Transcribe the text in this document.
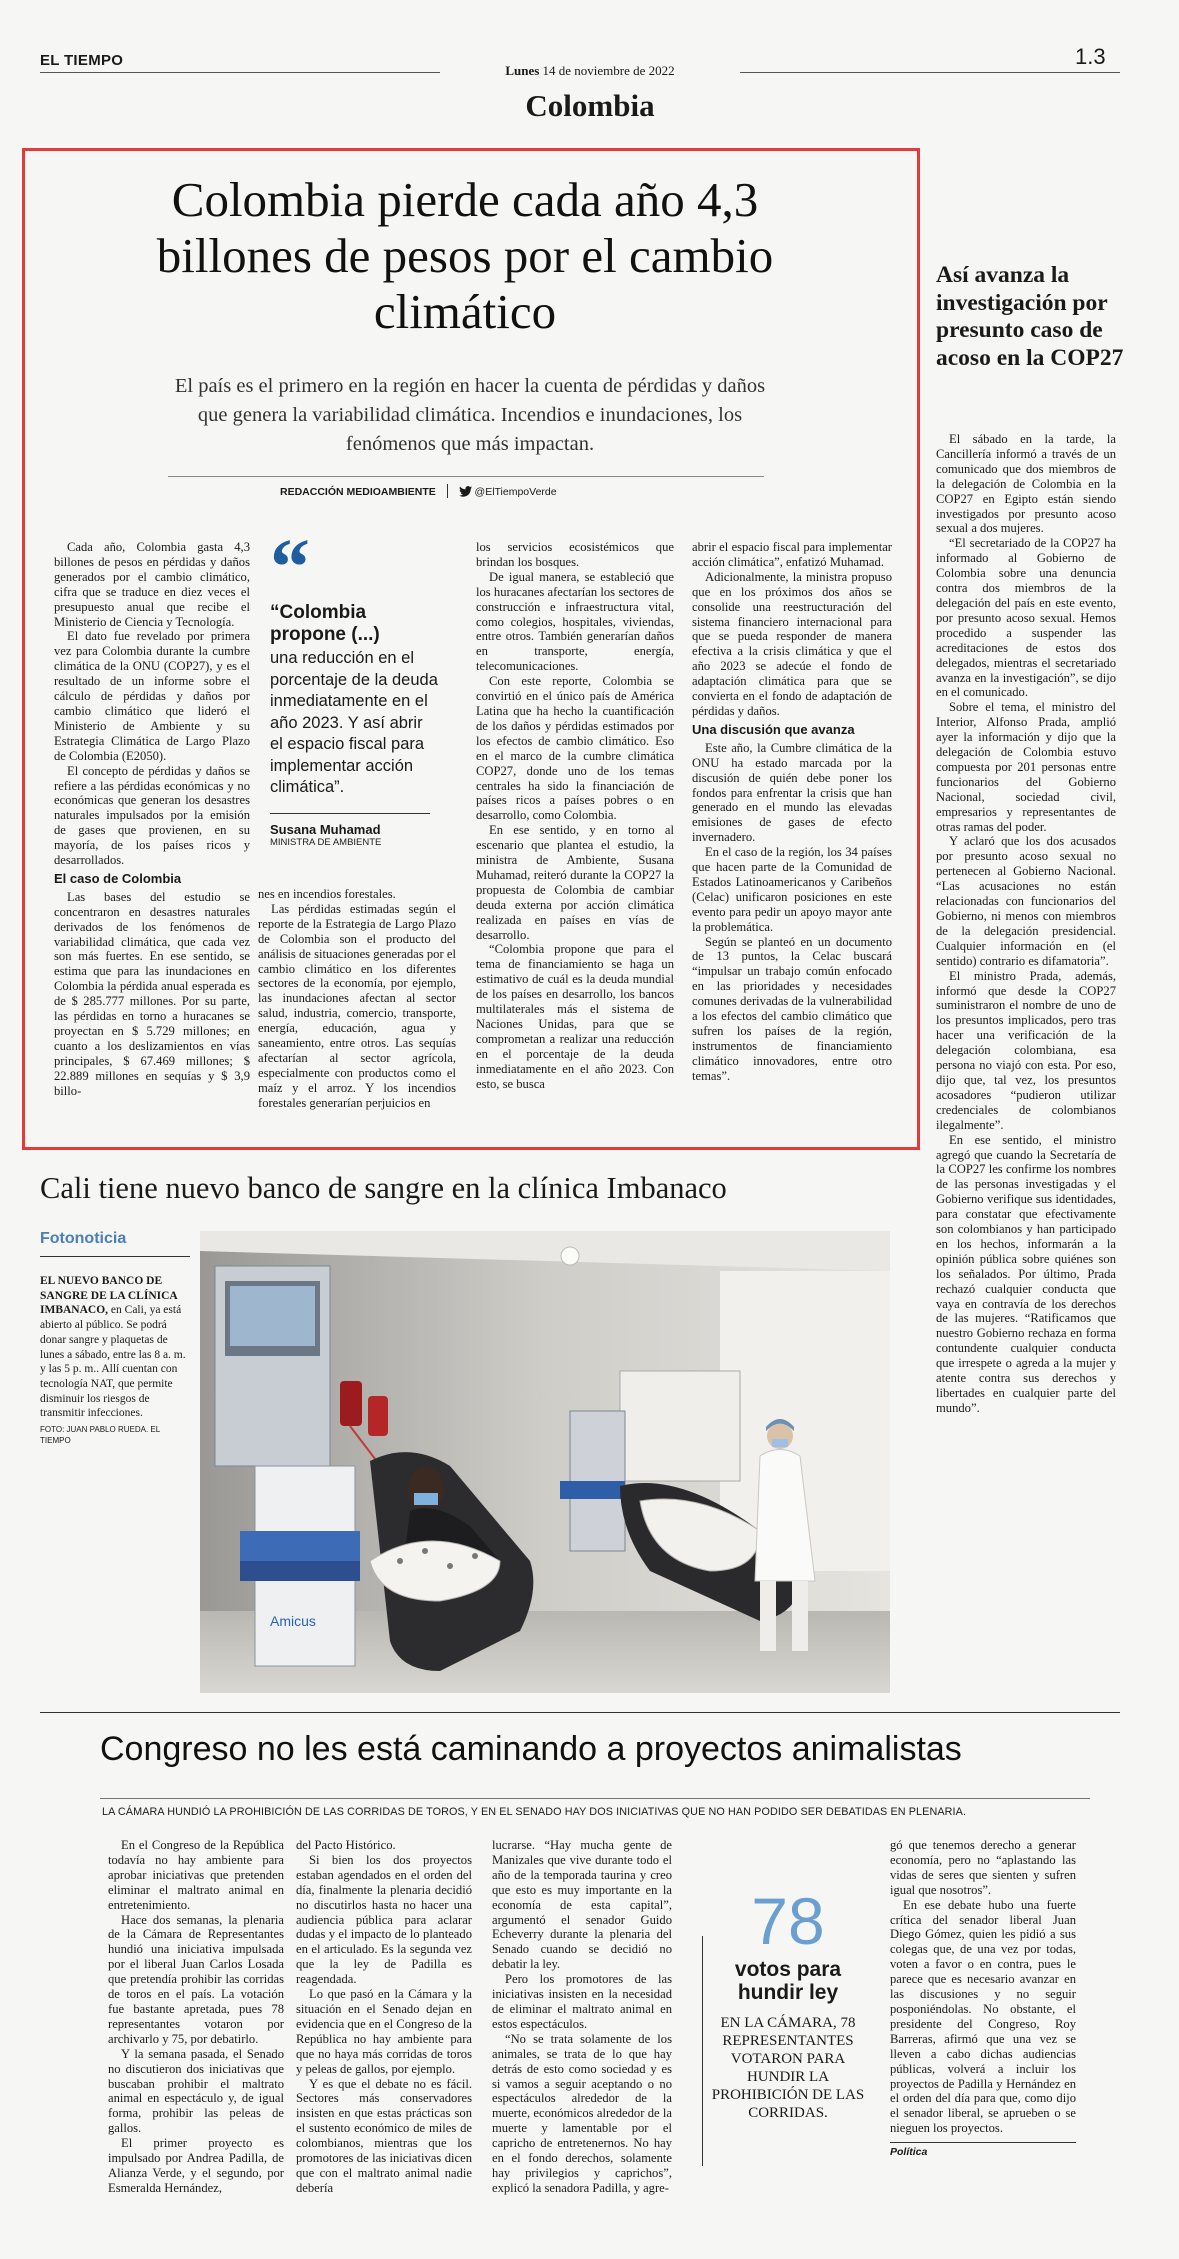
EL TIEMPO
Lunes 14 de noviembre de 2022
1.3
Colombia
Colombia pierde cada año 4,3 billones de pesos por el cambio climático
El país es el primero en la región en hacer la cuenta de pérdidas y daños que genera la variabilidad climática. Incendios e inundaciones, los fenómenos que más impactan.
REDACCIÓN MEDIOAMBIENTE	@ElTiempoVerde

Cada año, Colombia gasta 4,3 billones de pesos en pérdidas y daños generados por el cambio climático, cifra que se traduce en diez veces el presupuesto anual que recibe el Ministerio de Ciencia y Tecnología.

El dato fue revelado por primera vez para Colombia durante la cumbre climática de la ONU (COP27), y es el resultado de un informe sobre el cálculo de pérdidas y daños por cambio climático que lideró el Ministerio de Ambiente y su Estrategia Climática de Largo Plazo de Colombia (E2050).

El concepto de pérdidas y daños se refiere a las pérdidas económicas y no económicas que generan los desastres naturales impulsados por la emisión de gases que provienen, en su mayoría, de los países ricos y desarrollados.

El caso de Colombia

Las bases del estudio se concentraron en desastres naturales derivados de los fenómenos de variabilidad climática, que cada vez son más fuertes. En ese sentido, se estima que para las inundaciones en Colombia la pérdida anual esperada es de $ 285.777 millones. Por su parte, las pérdidas en torno a huracanes se proyectan en $ 5.729 millones; en cuanto a los deslizamientos en vías principales, $ 67.469 millones; $ 22.889 millones en sequías y $ 3,9 billo-

“
“Colombia propone (...)
una reducción en el porcentaje de la deuda inmediatamente en el año 2023. Y así abrir el espacio fiscal para implementar acción climática”.
Susana Muhamad
MINISTRA DE AMBIENTE

nes en incendios forestales.

Las pérdidas estimadas según el reporte de la Estrategia de Largo Plazo de Colombia son el producto del análisis de situaciones generadas por el cambio climático en los diferentes sectores de la economía, por ejemplo, las inundaciones afectan al sector salud, industria, comercio, transporte, energía, educación, agua y saneamiento, entre otros. Las sequías afectarían al sector agrícola, especialmente con productos como el maíz y el arroz. Y los incendios forestales generarían perjuicios en

los servicios ecosistémicos que brindan los bosques.

De igual manera, se estableció que los huracanes afectarían los sectores de construcción e infraestructura vital, como colegios, hospitales, viviendas, entre otros. También generarían daños en transporte, energía, telecomunicaciones.

Con este reporte, Colombia se convirtió en el único país de América Latina que ha hecho la cuantificación de los daños y pérdidas estimados por los efectos de cambio climático. Eso en el marco de la cumbre climática COP27, donde uno de los temas centrales ha sido la financiación de países ricos a países pobres o en desarrollo, como Colombia.

En ese sentido, y en torno al escenario que plantea el estudio, la ministra de Ambiente, Susana Muhamad, reiteró durante la COP27 la propuesta de Colombia de cambiar deuda externa por acción climática realizada en países en vías de desarrollo.

“Colombia propone que para el tema de financiamiento se haga un estimativo de cuál es la deuda mundial de los países en desarrollo, los bancos multilaterales más el sistema de Naciones Unidas, para que se comprometan a realizar una reducción en el porcentaje de la deuda inmediatamente en el año 2023. Con esto, se busca

abrir el espacio fiscal para implementar acción climática”, enfatizó Muhamad.

Adicionalmente, la ministra propuso que en los próximos dos años se consolide una reestructuración del sistema financiero internacional para que se pueda responder de manera efectiva a la crisis climática y que el año 2023 se adecúe el fondo de adaptación climática para que se convierta en el fondo de adaptación de pérdidas y daños.

Una discusión que avanza

Este año, la Cumbre climática de la ONU ha estado marcada por la discusión de quién debe poner los fondos para enfrentar la crisis que han generado en el mundo las elevadas emisiones de gases de efecto invernadero.

En el caso de la región, los 34 países que hacen parte de la Comunidad de Estados Latinoamericanos y Caribeños (Celac) unificaron posiciones en este evento para pedir un apoyo mayor ante la problemática.

Según se planteó en un documento de 13 puntos, la Celac buscará “impulsar un trabajo común enfocado en las prioridades y necesidades comunes derivadas de la vulnerabilidad a los efectos del cambio climático que sufren los países de la región, instrumentos de financiamiento climático innovadores, entre otro temas”.

Así avanza la investigación por presunto caso de acoso en la COP27

El sábado en la tarde, la Cancillería informó a través de un comunicado que dos miembros de la delegación de Colombia en la COP27 en Egipto están siendo investigados por presunto acoso sexual a dos mujeres.

“El secretariado de la COP27 ha informado al Gobierno de Colombia sobre una denuncia contra dos miembros de la delegación del país en este evento, por presunto acoso sexual. Hemos procedido a suspender las acreditaciones de estos dos delegados, mientras el secretariado avanza en la investigación”, se dijo en el comunicado.

Sobre el tema, el ministro del Interior, Alfonso Prada, amplió ayer la información y dijo que la delegación de Colombia estuvo compuesta por 201 personas entre funcionarios del Gobierno Nacional, sociedad civil, empresarios y representantes de otras ramas del poder.

Y aclaró que los dos acusados por presunto acoso sexual no pertenecen al Gobierno Nacional. “Las acusaciones no están relacionadas con funcionarios del Gobierno, ni menos con miembros de la delegación presidencial. Cualquier información en (el sentido) contrario es difamatoria”.

El ministro Prada, además, informó que desde la COP27 suministraron el nombre de uno de los presuntos implicados, pero tras hacer una verificación de la delegación colombiana, esa persona no viajó con esta. Por eso, dijo que, tal vez, los presuntos acosadores “pudieron utilizar credenciales de colombianos ilegalmente”.

En ese sentido, el ministro agregó que cuando la Secretaría de la COP27 les confirme los nombres de las personas investigadas y el Gobierno verifique sus identidades, para constatar que efectivamente son colombianos y han participado en los hechos, informarán a la opinión pública sobre quiénes son los señalados. Por último, Prada rechazó cualquier conducta que vaya en contravía de los derechos de las mujeres. “Ratificamos que nuestro Gobierno rechaza en forma contundente cualquier conducta que irrespete o agreda a la mujer y atente contra sus derechos y libertades en cualquier parte del mundo”.

Cali tiene nuevo banco de sangre en la clínica Imbanaco
Fotonoticia
EL NUEVO BANCO DE SANGRE DE LA CLÍNICA IMBANACO, en Cali, ya está abierto al público. Se podrá donar sangre y plaquetas de lunes a sábado, entre las 8 a. m. y las 5 p. m.. Allí cuentan con tecnología NAT, que permite disminuir los riesgos de transmitir infecciones.
FOTO: JUAN PABLO RUEDA. EL TIEMPO
Amicus
Congreso no les está caminando a proyectos animalistas
LA CÁMARA HUNDIÓ LA PROHIBICIÓN DE LAS CORRIDAS DE TOROS, Y EN EL SENADO HAY DOS INICIATIVAS QUE NO HAN PODIDO SER DEBATIDAS EN PLENARIA.

En el Congreso de la República todavía no hay ambiente para aprobar iniciativas que pretenden eliminar el maltrato animal en entretenimiento.

Hace dos semanas, la plenaria de la Cámara de Representantes hundió una iniciativa impulsada por el liberal Juan Carlos Losada que pretendía prohibir las corridas de toros en el país. La votación fue bastante apretada, pues 78 representantes votaron por archivarlo y 75, por debatirlo.

Y la semana pasada, el Senado no discutieron dos iniciativas que buscaban prohibir el maltrato animal en espectáculo y, de igual forma, prohibir las peleas de gallos.

El primer proyecto es impulsado por Andrea Padilla, de Alianza Verde, y el segundo, por Esmeralda Hernández,

del Pacto Histórico.

Si bien los dos proyectos estaban agendados en el orden del día, finalmente la plenaria decidió no discutirlos hasta no hacer una audiencia pública para aclarar dudas y el impacto de lo planteado en el articulado. Es la segunda vez que la ley de Padilla es reagendada.

Lo que pasó en la Cámara y la situación en el Senado dejan en evidencia que en el Congreso de la República no hay ambiente para que no haya más corridas de toros y peleas de gallos, por ejemplo.

Y es que el debate no es fácil. Sectores más conservadores insisten en que estas prácticas son el sustento económico de miles de colombianos, mientras que los promotores de las iniciativas dicen que con el maltrato animal nadie debería

lucrarse. “Hay mucha gente de Manizales que vive durante todo el año de la temporada taurina y creo que esto es muy importante en la economía de esta capital”, argumentó el senador Guido Echeverry durante la plenaria del Senado cuando se decidió no debatir la ley.

Pero los promotores de las iniciativas insisten en la necesidad de eliminar el maltrato animal en estos espectáculos.

“No se trata solamente de los animales, se trata de lo que hay detrás de esto como sociedad y es si vamos a seguir aceptando o no espectáculos alrededor de la muerte, económicos alrededor de la muerte y lamentable por el capricho de entretenernos. No hay en el fondo derechos, solamente hay privilegios y caprichos”, explicó la senadora Padilla, y agre-

78
votos para hundir ley
EN LA CÁMARA, 78 REPRESENTANTES VOTARON PARA HUNDIR LA PROHIBICIÓN DE LAS CORRIDAS.

gó que tenemos derecho a generar economía, pero no “aplastando las vidas de seres que sienten y sufren igual que nosotros”.

En ese debate hubo una fuerte crítica del senador liberal Juan Diego Gómez, quien les pidió a sus colegas que, de una vez por todas, voten a favor o en contra, pues le parece que es necesario avanzar en las discusiones y no seguir posponiéndolas. No obstante, el presidente del Congreso, Roy Barreras, afirmó que una vez se lleven a cabo dichas audiencias públicas, volverá a incluir los proyectos de Padilla y Hernández en el orden del día para que, como dijo el senador liberal, se aprueben o se nieguen los proyectos.

Política
